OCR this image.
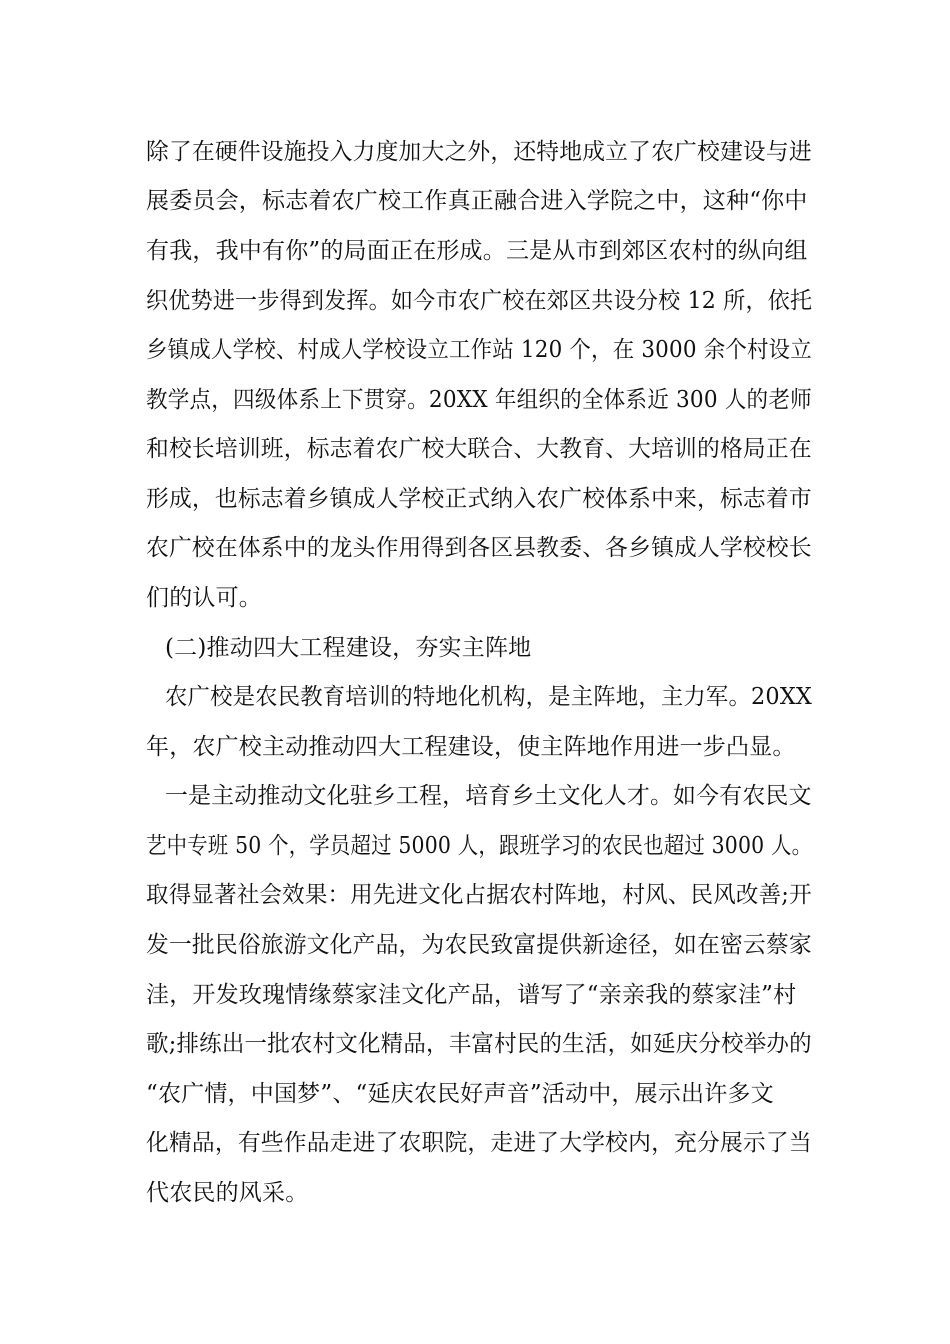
除了在硬件设施投入力度加大之外，还特地成立了农广校建设与进
展委员会，标志着农广校工作真正融合进入学院之中，这种“你中
有我，我中有你”的局面正在形成。三是从市到郊区农村的纵向组
织优势进一步得到发挥。如今市农广校在郊区共设分校 12 所，依托
乡镇成人学校、村成人学校设立工作站 120 个，在 3000 余个村设立
教学点，四级体系上下贯穿。20XX 年组织的全体系近 300 人的老师
和校长培训班，标志着农广校大联合、大教育、大培训的格局正在
形成，也标志着乡镇成人学校正式纳入农广校体系中来，标志着市
农广校在体系中的龙头作用得到各区县教委、各乡镇成人学校校长
们的认可。
(二)推动四大工程建设，夯实主阵地
农广校是农民教育培训的特地化机构，是主阵地，主力军。20XX
年，农广校主动推动四大工程建设，使主阵地作用进一步凸显。
一是主动推动文化驻乡工程，培育乡土文化人才。如今有农民文
艺中专班 50 个，学员超过 5000 人，跟班学习的农民也超过 3000 人。
取得显著社会效果：用先进文化占据农村阵地，村风、民风改善;开
发一批民俗旅游文化产品，为农民致富提供新途径，如在密云蔡家
洼，开发玫瑰情缘蔡家洼文化产品，谱写了“亲亲我的蔡家洼”村
歌;排练出一批农村文化精品，丰富村民的生活，如延庆分校举办的
“农广情，中国梦”、“延庆农民好声音”活动中，展示出许多文
化精品，有些作品走进了农职院，走进了大学校内，充分展示了当
代农民的风采。
